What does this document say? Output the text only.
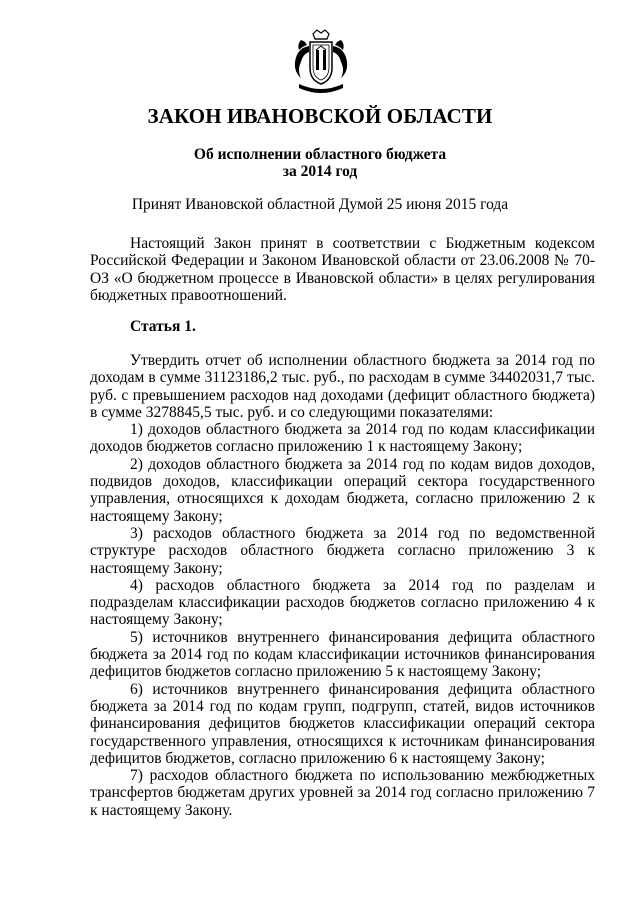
ЗАКОН ИВАНОВСКОЙ ОБЛАСТИ
Об исполнении областного бюджета
за 2014 год
Принят Ивановской областной Думой 25 июня 2015 года

Настоящий Закон принят в соответствии с Бюджетным кодексом Российской Федерации и Законом Ивановской области от 23.06.2008 № 70-ОЗ «О бюджетном процессе в Ивановской области» в целях регулирования бюджетных правоотношений.

Статья 1.

Утвердить отчет об исполнении областного бюджета за 2014 год по доходам в сумме 31123186,2 тыс. руб., по расходам в сумме 34402031,7 тыс. руб. с превышением расходов над доходами (дефицит областного бюджета) в сумме 3278845,5 тыс. руб. и со следующими показателями:

1) доходов областного бюджета за 2014 год по кодам классификации доходов бюджетов согласно приложению 1 к настоящему Закону;

2) доходов областного бюджета за 2014 год по кодам видов доходов, подвидов доходов, классификации операций сектора государственного управления, относящихся к доходам бюджета, согласно приложению 2 к настоящему Закону;

3) расходов областного бюджета за 2014 год по ведомственной структуре расходов областного бюджета согласно приложению 3 к настоящему Закону;

4) расходов областного бюджета за 2014 год по разделам и подразделам классификации расходов бюджетов согласно приложению 4 к настоящему Закону;

5) источников внутреннего финансирования дефицита областного бюджета за 2014 год по кодам классификации источников финансирования дефицитов бюджетов согласно приложению 5 к настоящему Закону;

6) источников внутреннего финансирования дефицита областного бюджета за 2014 год по кодам групп, подгрупп, статей, видов источников финансирования дефицитов бюджетов классификации операций сектора государственного управления, относящихся к источникам финансирования дефицитов бюджетов, согласно приложению 6 к настоящему Закону;

7) расходов областного бюджета по использованию межбюджетных трансфертов бюджетам других уровней за 2014 год согласно приложению 7 к настоящему Закону.
